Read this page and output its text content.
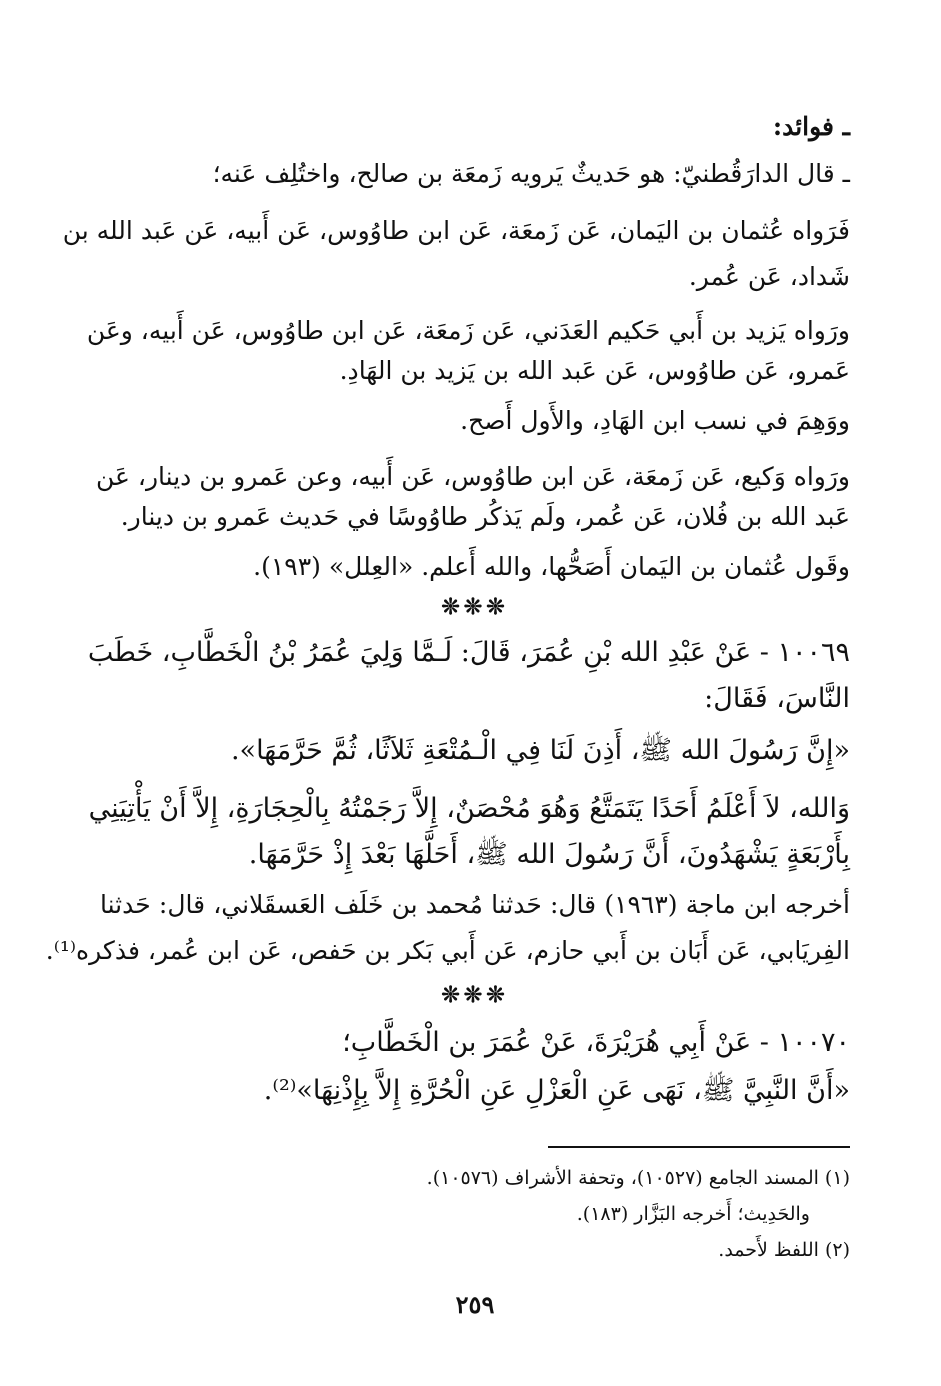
ـ فوائد:
ـ قال الدارَقُطنيّ: هو حَديثٌ يَرويه زَمعَة بن صالح، واختُلِف عَنه؛
فَرَواه عُثمان بن اليَمان، عَن زَمعَة، عَن ابن طاوُوس، عَن أَبيه، عَن عَبد الله بن
شَداد، عَن عُمر.
ورَواه يَزيد بن أَبي حَكيم العَدَني، عَن زَمعَة، عَن ابن طاوُوس، عَن أَبيه، وعَن
عَمرو، عَن طاوُوس، عَن عَبد الله بن يَزيد بن الهَادِ.
ووَهِمَ في نسب ابن الهَادِ، والأَول أَصح.
ورَواه وَكيع، عَن زَمعَة، عَن ابن طاوُوس، عَن أَبيه، وعن عَمرو بن دينار، عَن
عَبد الله بن فُلان، عَن عُمر، ولَم يَذكُر طاوُوسًا في حَديث عَمرو بن دينار.
وقَول عُثمان بن اليَمان أَصَحُّها، والله أَعلم. «العِلل» (١٩٣).
❊❊❊
١٠٠٦٩ - عَنْ عَبْدِ الله بْنِ عُمَرَ، قَالَ: لَـمَّا وَلِيَ عُمَرُ بْنُ الْخَطَّابِ، خَطَبَ
النَّاسَ، فَقَالَ:
«إِنَّ رَسُولَ الله ﷺ، أَذِنَ لَنَا فِي الْـمُتْعَةِ ثَلاَثًا، ثُمَّ حَرَّمَهَا».
وَالله، لاَ أَعْلَمُ أَحَدًا يَتَمَتَّعُ وَهُوَ مُحْصَنٌ، إِلاَّ رَجَمْتُهُ بِالْحِجَارَةِ، إِلاَّ أَنْ يَأْتِيَنِي
بِأَرْبَعَةٍ يَشْهَدُونَ، أَنَّ رَسُولَ الله ﷺ، أَحَلَّهَا بَعْدَ إِذْ حَرَّمَهَا.
أخرجه ابن ماجة (١٩٦٣) قال: حَدثنا مُحمد بن خَلَف العَسقَلاني، قال: حَدثنا
الفِريَابي، عَن أَبَان بن أَبي حازم، عَن أَبي بَكر بن حَفص، عَن ابن عُمر، فذكره⁽¹⁾.
❊❊❊
١٠٠٧٠ - عَنْ أَبِي هُرَيْرَةَ، عَنْ عُمَرَ بن الْخَطَّابِ؛
«أَنَّ النَّبِيَّ ﷺ، نَهَى عَنِ الْعَزْلِ عَنِ الْحُرَّةِ إِلاَّ بِإِذْنِهَا»⁽²⁾.
(١) المسند الجامع (١٠٥٢٧)، وتحفة الأشراف (١٠٥٧٦).
والحَدِيث؛ أَخرجه البَزَّار (١٨٣).
(٢) اللفظ لأَحمد.
٢٥٩
